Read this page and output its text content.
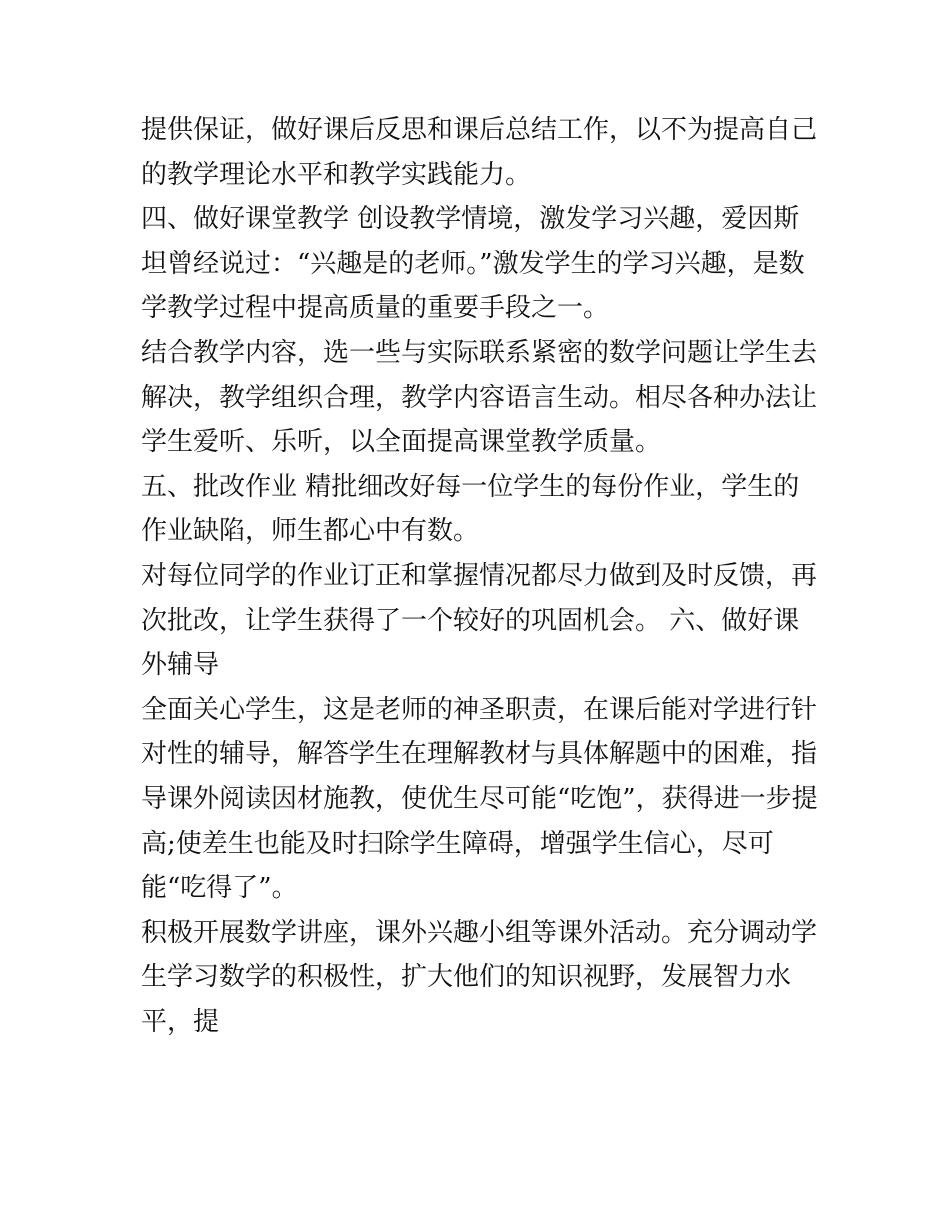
提供保证，做好课后反思和课后总结工作，以不为提高自己的教学理论水平和教学实践能力。

四、做好课堂教学 创设教学情境，激发学习兴趣，爱因斯坦曾经说过：“兴趣是的老师。”激发学生的学习兴趣，是数学教学过程中提高质量的重要手段之一。

结合教学内容，选一些与实际联系紧密的数学问题让学生去解决，教学组织合理，教学内容语言生动。相尽各种办法让学生爱听、乐听，以全面提高课堂教学质量。

五、批改作业 精批细改好每一位学生的每份作业，学生的作业缺陷，师生都心中有数。

对每位同学的作业订正和掌握情况都尽力做到及时反馈，再次批改，让学生获得了一个较好的巩固机会。 六、做好课外辅导

全面关心学生，这是老师的神圣职责，在课后能对学进行针对性的辅导，解答学生在理解教材与具体解题中的困难，指导课外阅读因材施教，使优生尽可能“吃饱”，获得进一步提高;使差生也能及时扫除学生障碍，增强学生信心，尽可能“吃得了”。

积极开展数学讲座，课外兴趣小组等课外活动。充分调动学生学习数学的积极性，扩大他们的知识视野，发展智力水平，提
